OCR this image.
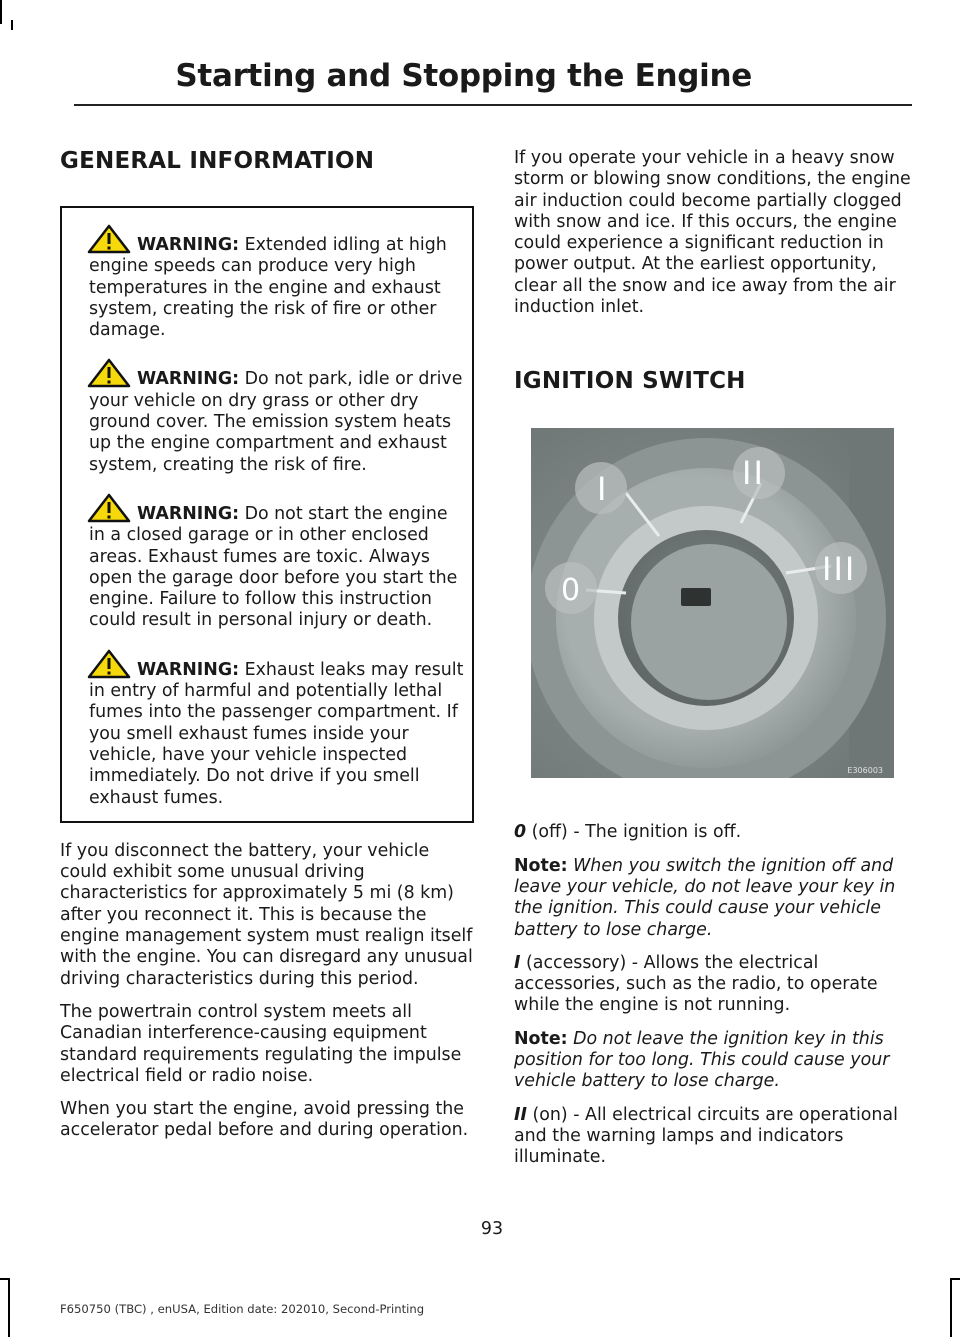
Starting and Stopping the Engine
GENERAL INFORMATION

WARNING: Extended idling at high engine speeds can produce very high temperatures in the engine and exhaust system, creating the risk of fire or other damage.

WARNING: Do not park, idle or drive your vehicle on dry grass or other dry ground cover. The emission system heats up the engine compartment and exhaust system, creating the risk of fire.

WARNING: Do not start the engine in a closed garage or in other enclosed areas. Exhaust fumes are toxic. Always open the garage door before you start the engine. Failure to follow this instruction could result in personal injury or death.

WARNING: Exhaust leaks may result in entry of harmful and potentially lethal fumes into the passenger compartment. If you smell exhaust fumes inside your vehicle, have your vehicle inspected immediately. Do not drive if you smell exhaust fumes.

If you disconnect the battery, your vehicle could exhibit some unusual driving characteristics for approximately 5 mi (8 km) after you reconnect it. This is because the engine management system must realign itself with the engine. You can disregard any unusual driving characteristics during this period.

The powertrain control system meets all Canadian interference-causing equipment standard requirements regulating the impulse electrical field or radio noise.

When you start the engine, avoid pressing the accelerator pedal before and during operation.

If you operate your vehicle in a heavy snow storm or blowing snow conditions, the engine air induction could become partially clogged with snow and ice. If this occurs, the engine could experience a significant reduction in power output. At the earliest opportunity, clear all the snow and ice away from the air induction inlet.

IGNITION SWITCH
I	II
III
0
E306003

0 (off) - The ignition is off.

Note: When you switch the ignition off and leave your vehicle, do not leave your key in the ignition. This could cause your vehicle battery to lose charge.

I (accessory) - Allows the electrical accessories, such as the radio, to operate while the engine is not running.

Note: Do not leave the ignition key in this position for too long. This could cause your vehicle battery to lose charge.

II (on) - All electrical circuits are operational and the warning lamps and indicators illuminate.

93
F650750 (TBC) , enUSA, Edition date: 202010, Second-Printing
